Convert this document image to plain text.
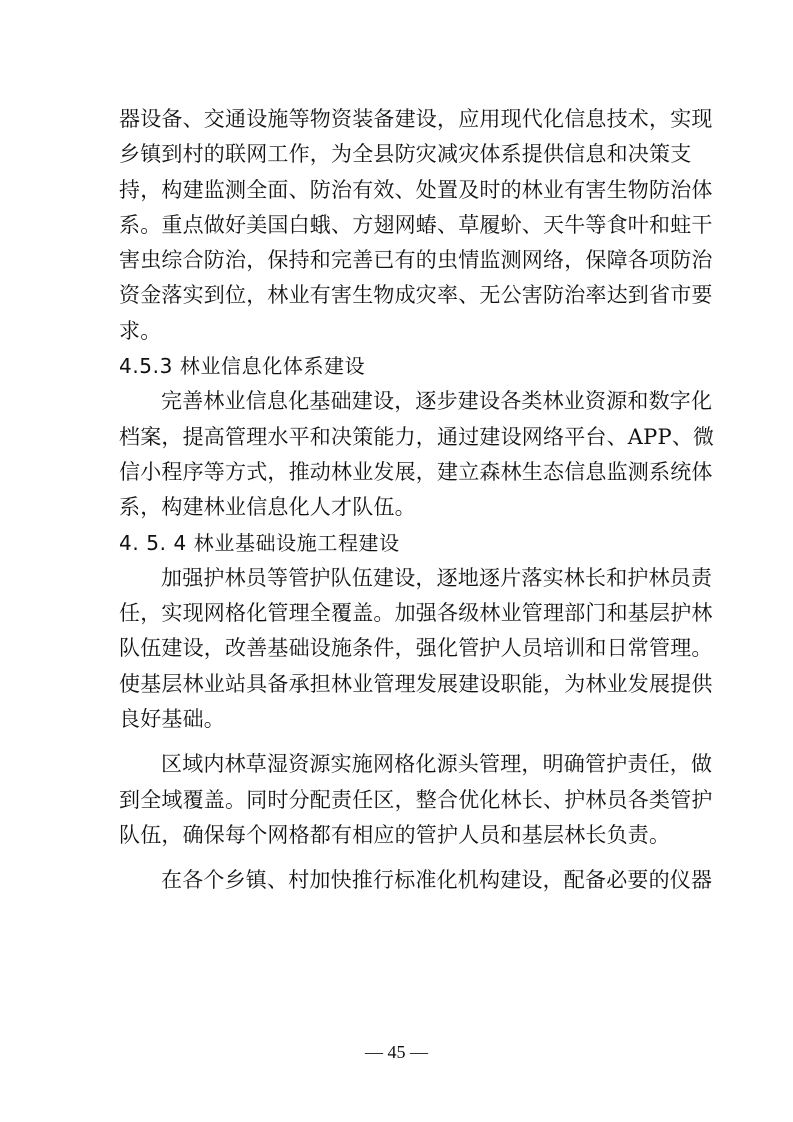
器设备、交通设施等物资装备建设，应用现代化信息技术，实现
乡镇到村的联网工作，为全县防灾减灾体系提供信息和决策支
持，构建监测全面、防治有效、处置及时的林业有害生物防治体
系。重点做好美国白蛾、方翅网蝽、草履蚧、天牛等食叶和蛀干
害虫综合防治，保持和完善已有的虫情监测网络，保障各项防治
资金落实到位，林业有害生物成灾率、无公害防治率达到省市要
求。
4.5.3 林业信息化体系建设
完善林业信息化基础建设，逐步建设各类林业资源和数字化
档案，提高管理水平和决策能力，通过建设网络平台、APP、微
信小程序等方式，推动林业发展，建立森林生态信息监测系统体
系，构建林业信息化人才队伍。
4. 5. 4 林业基础设施工程建设
加强护林员等管护队伍建设，逐地逐片落实林长和护林员责
任，实现网格化管理全覆盖。加强各级林业管理部门和基层护林
队伍建设，改善基础设施条件，强化管护人员培训和日常管理。
使基层林业站具备承担林业管理发展建设职能，为林业发展提供
良好基础。
区域内林草湿资源实施网格化源头管理，明确管护责任，做
到全域覆盖。同时分配责任区，整合优化林长、护林员各类管护
队伍，确保每个网格都有相应的管护人员和基层林长负责。
在各个乡镇、村加快推行标准化机构建设，配备必要的仪器
— 45 —
